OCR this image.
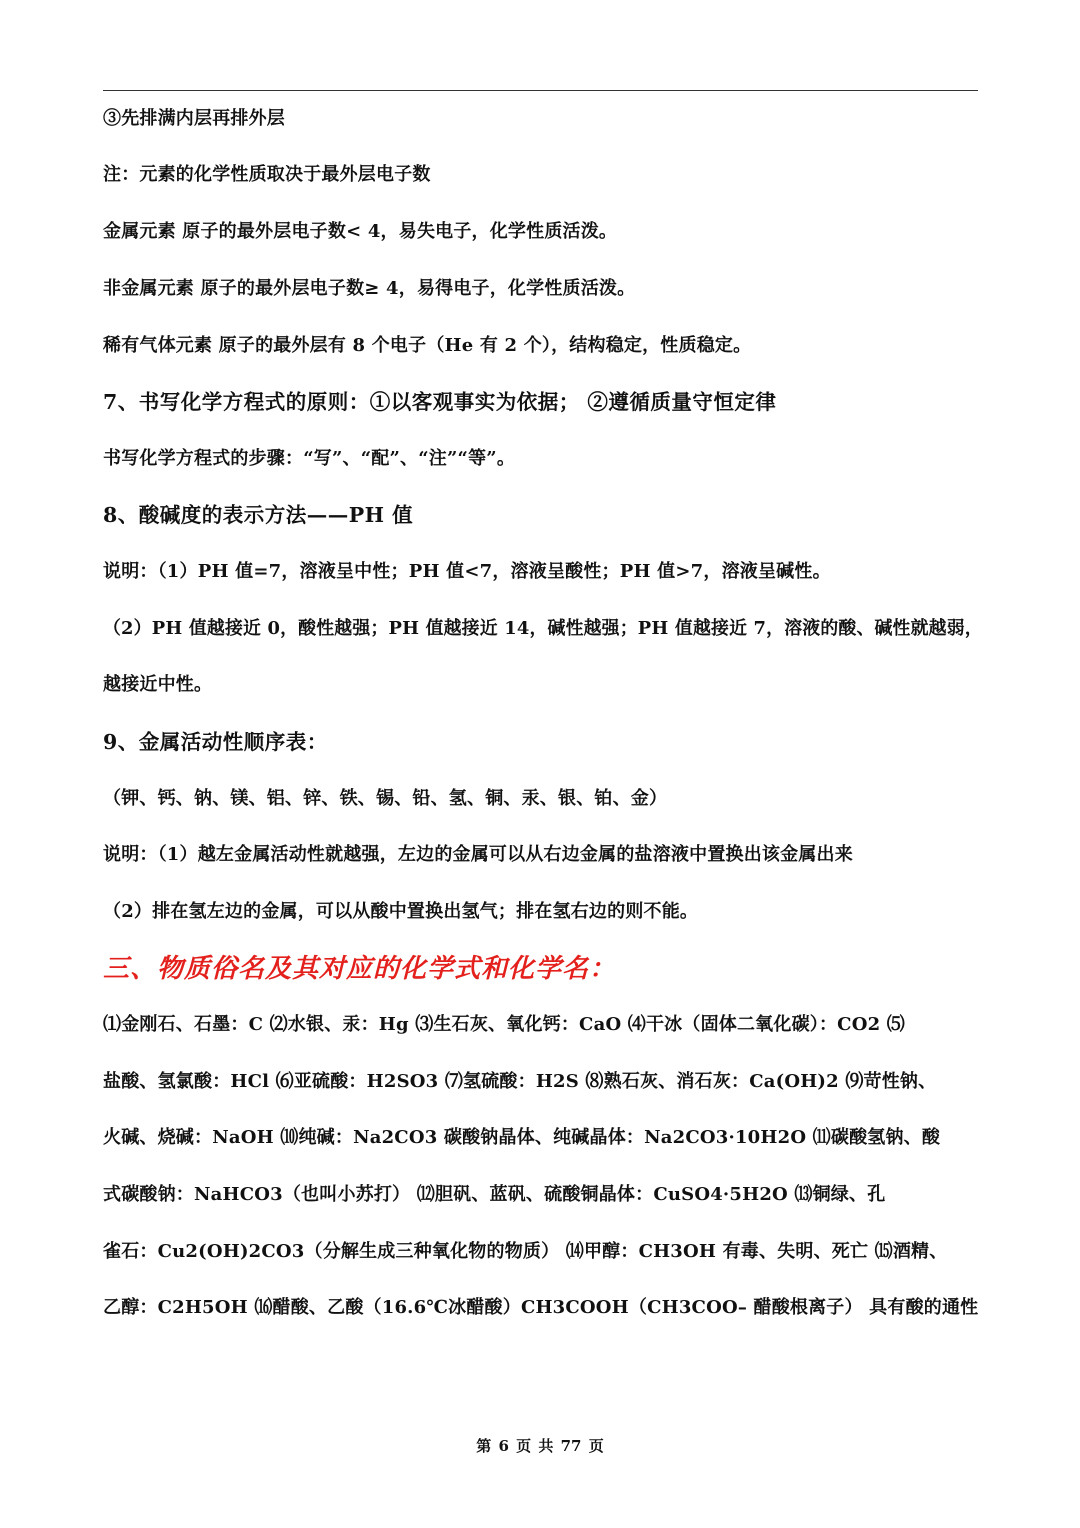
③先排满内层再排外层
注：元素的化学性质取决于最外层电子数
金属元素 原子的最外层电子数< 4，易失电子，化学性质活泼。
非金属元素 原子的最外层电子数≥ 4，易得电子，化学性质活泼。
稀有气体元素 原子的最外层有 8 个电子（He 有 2 个），结构稳定，性质稳定。
7、书写化学方程式的原则：①以客观事实为依据； ②遵循质量守恒定律
书写化学方程式的步骤：“写”、“配”、“注”“等”。
8、酸碱度的表示方法——PH 值
说明：（1）PH 值=7，溶液呈中性；PH 值<7，溶液呈酸性；PH 值>7，溶液呈碱性。
（2）PH 值越接近 0，酸性越强；PH 值越接近 14，碱性越强；PH 值越接近 7，溶液的酸、碱性就越弱，
越接近中性。
9、金属活动性顺序表：
（钾、钙、钠、镁、铝、锌、铁、锡、铅、氢、铜、汞、银、铂、金）
说明：（1）越左金属活动性就越强，左边的金属可以从右边金属的盐溶液中置换出该金属出来
（2）排在氢左边的金属，可以从酸中置换出氢气；排在氢右边的则不能。
三、物质俗名及其对应的化学式和化学名：
⑴金刚石、石墨：C ⑵水银、汞：Hg ⑶生石灰、氧化钙：CaO ⑷干冰（固体二氧化碳）：CO2 ⑸
盐酸、氢氯酸：HCl ⑹亚硫酸：H2SO3 ⑺氢硫酸：H2S ⑻熟石灰、消石灰：Ca(OH)2 ⑼苛性钠、
火碱、烧碱：NaOH ⑽纯碱：Na2CO3 碳酸钠晶体、纯碱晶体：Na2CO3·10H2O ⑾碳酸氢钠、酸
式碳酸钠：NaHCO3（也叫小苏打） ⑿胆矾、蓝矾、硫酸铜晶体：CuSO4·5H2O ⒀铜绿、孔
雀石：Cu2(OH)2CO3（分解生成三种氧化物的物质） ⒁甲醇：CH3OH 有毒、失明、死亡 ⒂酒精、
乙醇：C2H5OH ⒃醋酸、乙酸（16.6℃冰醋酸）CH3COOH（CH3COO– 醋酸根离子） 具有酸的通性
第 6 页 共 77 页
